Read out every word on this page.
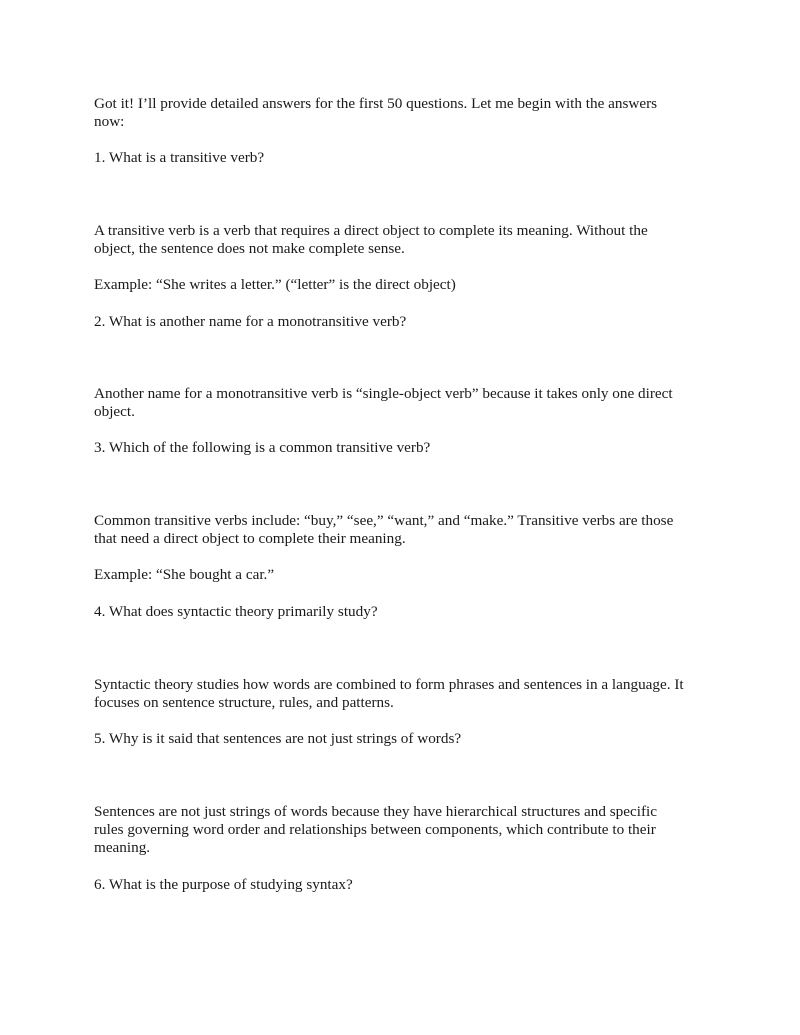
Got it! I’ll provide detailed answers for the first 50 questions. Let me begin with the answers

now:

1. What is a transitive verb?

A transitive verb is a verb that requires a direct object to complete its meaning. Without the

object, the sentence does not make complete sense.

Example: “She writes a letter.” (“letter” is the direct object)

2. What is another name for a monotransitive verb?

Another name for a monotransitive verb is “single-object verb” because it takes only one direct

object.

3. Which of the following is a common transitive verb?

Common transitive verbs include: “buy,” “see,” “want,” and “make.” Transitive verbs are those

that need a direct object to complete their meaning.

Example: “She bought a car.”

4. What does syntactic theory primarily study?

Syntactic theory studies how words are combined to form phrases and sentences in a language. It

focuses on sentence structure, rules, and patterns.

5. Why is it said that sentences are not just strings of words?

Sentences are not just strings of words because they have hierarchical structures and specific

rules governing word order and relationships between components, which contribute to their

meaning.

6. What is the purpose of studying syntax?
